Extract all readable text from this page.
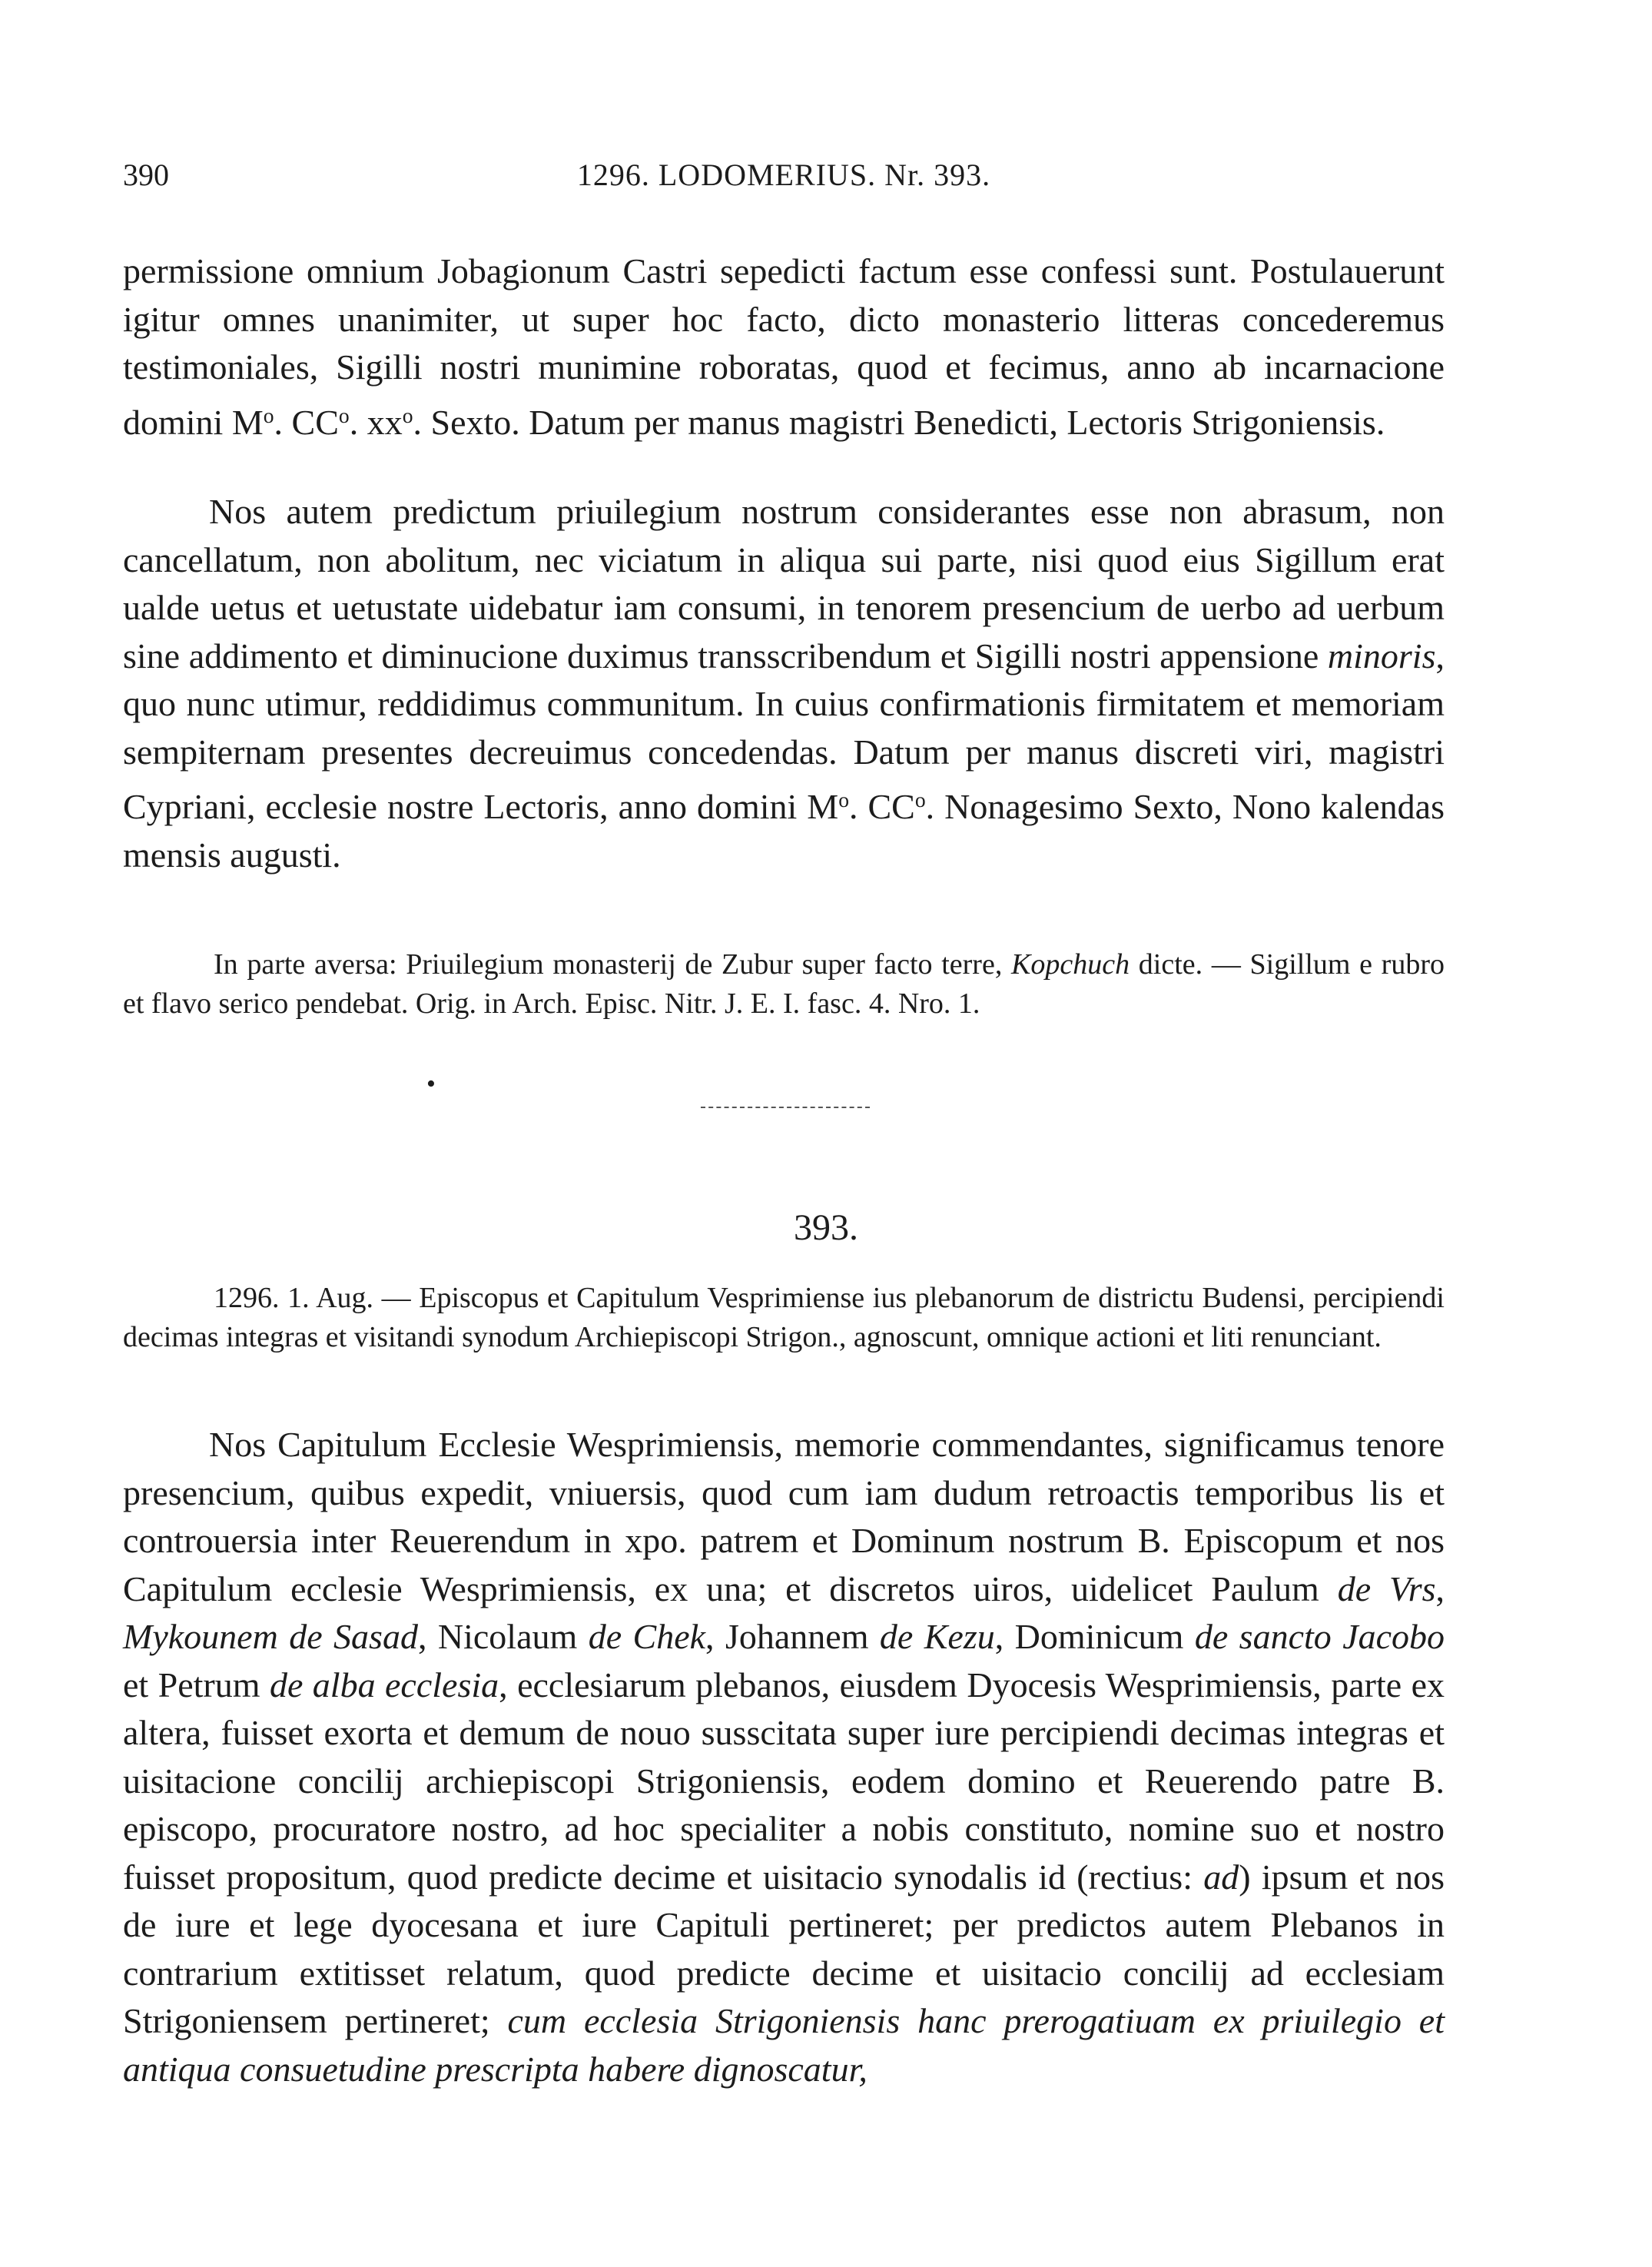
390	1296. LODOMERIUS. Nr. 393.

permissione omnium Jobagionum Castri sepedicti factum esse confessi sunt. Postulauerunt igitur omnes unanimiter, ut super hoc facto, dicto monasterio litteras concederemus testimoniales, Sigilli nostri munimine roboratas, quod et fecimus, anno ab incarnacione domini $M^o$. $CC^o$. $xx^o$. Sexto. Datum per manus magistri Benedicti, Lectoris Strigoniensis.

Nos autem predictum priuilegium nostrum considerantes esse non abrasum, non cancellatum, non abolitum, nec viciatum in aliqua sui parte, nisi quod eius Sigillum erat ualde uetus et uetustate uidebatur iam consumi, in tenorem presencium de uerbo ad uerbum sine addimento et diminucione duximus transscribendum et Sigilli nostri appensione minoris, quo nunc utimur, reddidimus communitum. In cuius confirmationis firmitatem et memoriam sempiternam presentes decreuimus concedendas. Datum per manus discreti viri, magistri Cypriani, ecclesie nostre Lectoris, anno domini $M^o$. $CC^o$. Nonagesimo Sexto, Nono kalendas mensis augusti.

In parte aversa: Priuilegium monasterij de Zubur super facto terre, Kopchuch dicte. — Sigillum e rubro et flavo serico pendebat. Orig. in Arch. Episc. Nitr. J. E. I. fasc. 4. Nro. 1.

•
393.

1296. 1. Aug. — Episcopus et Capitulum Vesprimiense ius plebanorum de districtu Budensi, percipiendi decimas integras et visitandi synodum Archiepiscopi Strigon., agnoscunt, omnique actioni et liti renunciant.

Nos Capitulum Ecclesie Wesprimiensis, memorie commendantes, significamus tenore presencium, quibus expedit, vniuersis, quod cum iam dudum retroactis temporibus lis et controuersia inter Reuerendum in xpo. patrem et Dominum nostrum B. Episcopum et nos Capitulum ecclesie Wesprimiensis, ex una; et discretos uiros, uidelicet Paulum de Vrs, Mykounem de Sasad, Nicolaum de Chek, Johannem de Kezu, Dominicum de sancto Jacobo et Petrum de alba ecclesia, ecclesiarum plebanos, eiusdem Dyocesis Wesprimiensis, parte ex altera, fuisset exorta et demum de nouo susscitata super iure percipiendi decimas integras et uisitacione concilij archiepiscopi Strigoniensis, eodem domino et Reuerendo patre B. episcopo, procuratore nostro, ad hoc specialiter a nobis constituto, nomine suo et nostro fuisset propositum, quod predicte decime et uisitacio synodalis id (rectius: ad) ipsum et nos de iure et lege dyocesana et iure Capituli pertineret; per predictos autem Plebanos in contrarium extitisset relatum, quod predicte decime et uisitacio concilij ad ecclesiam Strigoniensem pertineret; cum ecclesia Strigoniensis hanc prerogatiuam ex priuilegio et antiqua consuetudine prescripta habere dignoscatur,
